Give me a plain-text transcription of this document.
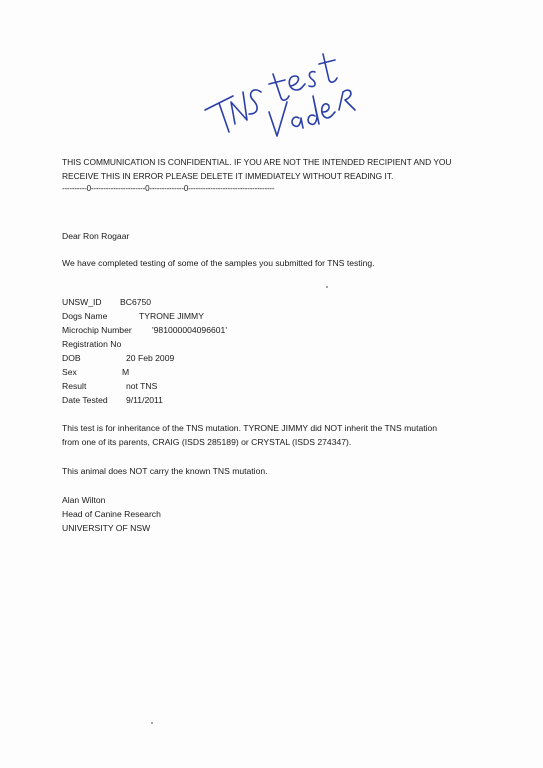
THIS COMMUNICATION IS CONFIDENTIAL. IF YOU ARE NOT THE INTENDED RECIPIENT AND YOU
RECEIVE THIS IN ERROR PLEASE DELETE IT IMMEDIATELY WITHOUT READING IT.
----------0----------------------0--------------0-----------------------------------
Dear Ron Rogaar
We have completed testing of some of the samples you submitted for TNS testing.
UNSW_ID BC6750
Dogs Name	TYRONE JIMMY
Microchip Number '981000004096601'
Registration No
DOB	20 Feb 2009
Sex	M
Result	not TNS
Date Tested 9/11/2011
This test is for inheritance of the TNS mutation. TYRONE JIMMY did NOT inherit the TNS mutation
from one of its parents, CRAIG (ISDS 285189) or CRYSTAL (ISDS 274347).
This animal does NOT carry the known TNS mutation.
Alan Wilton
Head of Canine Research
UNIVERSITY OF NSW
